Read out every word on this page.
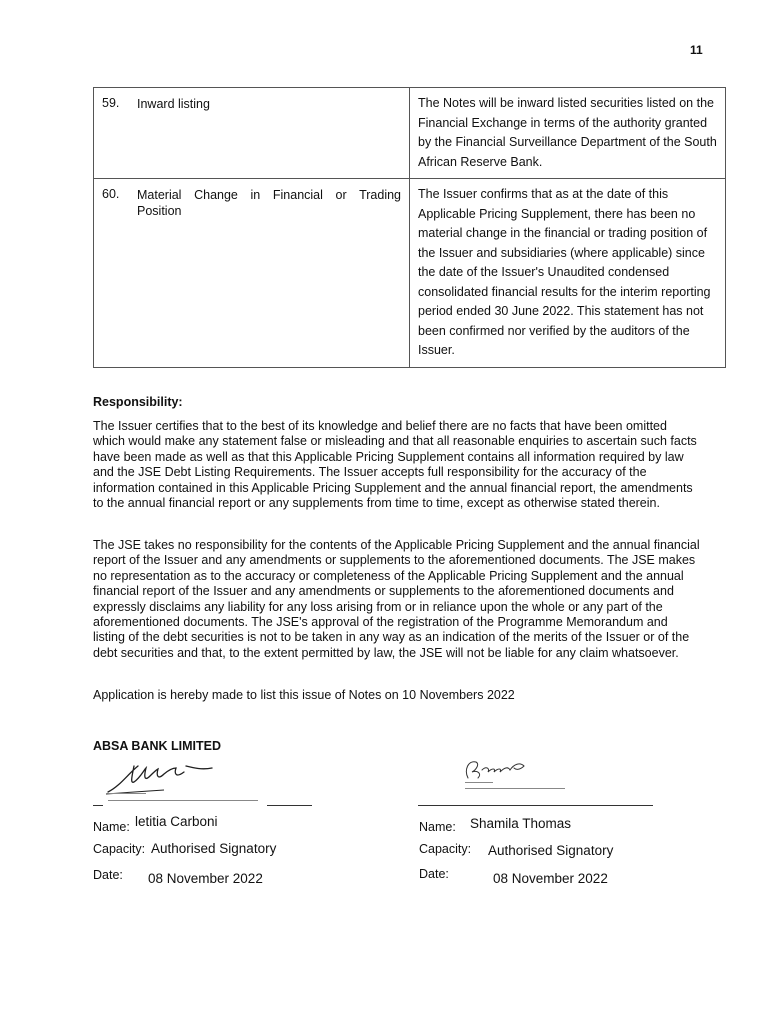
11
59. Inward listing	The Notes will be inward listed securities listed on the Financial Exchange in terms of the authority granted by the Financial Surveillance Department of the South African Reserve Bank.

60. Material Change in Financial or Trading Position	The Issuer confirms that as at the date of this Applicable Pricing Supplement, there has been no material change in the financial or trading position of the Issuer and subsidiaries (where applicable) since the date of the Issuer's Unaudited condensed consolidated financial results for the interim reporting period ended 30 June 2022. This statement has not been confirmed nor verified by the auditors of the Issuer.
Responsibility:
The Issuer certifies that to the best of its knowledge and belief there are no facts that have been omitted which would make any statement false or misleading and that all reasonable enquiries to ascertain such facts have been made as well as that this Applicable Pricing Supplement contains all information required by law and the JSE Debt Listing Requirements. The Issuer accepts full responsibility for the accuracy of the information contained in this Applicable Pricing Supplement and the annual financial report, the amendments to the annual financial report or any supplements from time to time, except as otherwise stated therein.
The JSE takes no responsibility for the contents of the Applicable Pricing Supplement and the annual financial report of the Issuer and any amendments or supplements to the aforementioned documents. The JSE makes no representation as to the accuracy or completeness of the Applicable Pricing Supplement and the annual financial report of the Issuer and any amendments or supplements to the aforementioned documents and expressly disclaims any liability for any loss arising from or in reliance upon the whole or any part of the aforementioned documents. The JSE's approval of the registration of the Programme Memorandum and listing of the debt securities is not to be taken in any way as an indication of the merits of the Issuer or of the debt securities and that, to the extent permitted by law, the JSE will not be liable for any claim whatsoever.
Application is hereby made to list this issue of Notes on 10 Novembers 2022
ABSA BANK LIMITED
Name: letitia Carboni
Capacity: Authorised Signatory
Date: 08 November 2022
Name: Shamila Thomas
Capacity: Authorised Signatory
Date:	08 November 2022
